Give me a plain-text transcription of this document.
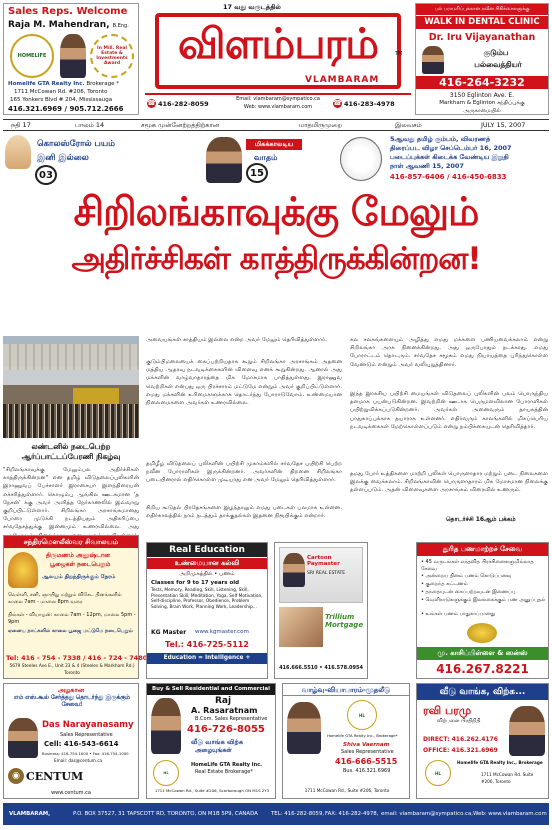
Sales Reps. Welcome
Raja M. Mahendran, B.Eng.
HOMELIFE
In Mill. Real Estate & Investments Award
Homelife GTA Realty Inc. Brokerage *
1711 McCowan Rd. #206, Toronto
165 Yonkers Blvd # 204, Mississauga
416.321.6969 / 905.712.2666
17 வது வருடத்தில்
விளம்பரம்	TM
VLAMBARAM
☎ 416-282-8059
Email: vlambaram@sympatico.ca
Web: www.vlambaram.com	☎ 416-283-4978
பல் பராமரிப்புக்கான நவீன சிகிச்சைகளுக்கு
WALK IN DENTAL CLINIC
Dr. Iru Vijayanathan
குடும்ப
பல்வைத்தியர்
416-264-3232
3150 Eglinton Ave. E.
Markham & Eglinton சந்திப்புக்கு
அருகாமையில்
நதி 17	பாலம் 14	சமூக முன்னேற்றத்திற்கான	மாதமிருமுறை	இலவசம்	JULY 15, 2007
கொலஸ்ரோல் பயம்
இனி இல்லை
03
மிகக்காலடிய
வாதம்
15
5ஆவது தமிழ் கும்பம், விவரணத்
திரைப்பட விழா செப்டெம்பர் 16, 2007
படைப்புக்கள் கிடைக்க வேண்டிய இறுதி
நாள் ஆவணி 15, 2007
416-857-6406 / 416-450-6833
சிறிலங்காவுக்கு மேலும்
அதிர்ச்சிகள் காத்திருக்கின்றன!
லண்டனில் நடைபெற்ற
ஆர்ப்பாட்டப்பேரணி நிகழ்வு
"சிறிலங்காவுக்கு மேலும்பல அதிர்ச்சிகள் காத்திருக்கின்றன" என தமிழ் விடுதலைப்புலிகளின் இராணுவப் பேச்சாளர் இராசையா இளந்திரையன் எச்சரித்துள்ளார். கொழும்பு ஆங்கில ஊடகமான 'த நேசன்' க்கு அவர் அளித்த நேர்காணலில் இவ்வாறு குறிப்பிட்டுள்ளார். சிறிலங்கா அரசாங்கமானது போரை முடுக்கி நடத்தியதும் அதிகரிப்பை சர்வதேசத்துக்கு இன்னமும் உணரவில்லை. அது
அவையங்கள் சாத்தியம் இல்லை என்ற அவர் மேலும் தெரிவித்துள்ளார்.
குடும்பிமலையைக் கைப்பற்றியதாக கூறும் சிறிலங்கா அரசாங்கம் அதனை மத்திய ஆதரவு நடவடிக்கைகளின் விளைவு எனக் கூறுகின்றது. ஆனால் அது மக்களின் வாழ்வாதாரத்தை மிக மோசமாக பாதித்துள்ளது. இராணுவ வெற்றிகள் என்பது ஒரு பிரச்சாரம் மட்டுமே என்றும் அவர் குறிப்பிட்டுள்ளார். எமது மக்களின் உரிமைகளுக்காக தொடர்ந்து போராடுவோம். உண்மையான நிலைமைகளை அவர்கள் உணரவில்லை.
தமிழீழ விடுதலைப் புலிகளின் பயிற்சி முகாம்களில் சர்வதேச பயிற்சி பெற்ற நவீன போராளிகள் இருக்கின்றனர். அவர்களின் திறனை சிறிலங்கா படையினரால் எதிர்கொள்ள முடியாது என அவர் மேலும் தெரிவித்துள்ளார்.
சிறிய கூடுதல் பிரதேசங்களை இழந்தாலும் எமது படைகள் பலமாக உள்ளன. எதிர்காலத்தில் நாம் நடத்தும் தாக்குதல்கள் இதனை நிரூபிக்கும் என்றார்.
கல சலகங்களையும் அழித்து எமது மக்களை பணியவைக்கலாம் என்று சிறிலங்கா அரசு நினைக்கின்றது. அது ஒருபோதும் நடக்காது. எமது போராட்டம் தொடரும். சர்வதேச சமூகம் எமது நியாயத்தை புரிந்துகொள்ள வேண்டும் என்றும் அவர் வலியுறுத்தினார்.
இந்த இரகசிய பயிற்சி மையங்கள் விடுதலைப் புலிகளின் பலம் பொருந்திய தளமாக பயன்படுகின்றன. இவற்றின் ஊடாக பெருமளவிலான போராளிகள் பயிற்றுவிக்கப்படுகின்றனர். அவர்கள் அனைவரும் தாயகத்தின் பாதுகாப்புக்காக தயாராக உள்ளனர். எதிர்வரும் காலங்களில் மிகப்பெரிய நடவடிக்கைகள் மேற்கொள்ளப்படும் என்று நம்பிக்கையுடன் தெரிவித்தார்.
தமது போர் உத்திகளை மாற்றி புலிகள் பொருளாதார மற்றும் படை நிலைகளை இலக்கு வைக்கலாம். சிறிலங்காவின் பொருளாதாரம் மிக மோசமான நிலைக்கு தள்ளப்படும். அதன் விளைவுகளை அரசாங்கம் விரைவில் உணரும்.
தொடர்ச்சி 16ஆம் பக்கம்
சந்திரமௌலீஸ்வர சிவாலயம்
திருமணம் அனுஷ்டான
பூஜைகள் நடைபெறும்
ஆலயம் திறந்திருக்கும் நேரம்
வெள்ளி, சனி, ஞாயிறு மற்றும் விசேட தினங்களில் காலை 7am - மாலை 8pm வரை
திங்கள் - வியாழன்: காலை 7am - 12pm, மாலை 5pm - 9pm
ஏனைய நாட்களில் காலை பூஜை மட்டுமே நடைபெறும்
Tel: 416 - 754 - 7338 / 416 - 724 - 7480
5679 Steeles Ave E., Unit 23 & 4 (Steeles & Markham Rd.) Toronto
Real Education
உண்மையான கல்வி
அறிமுகத்தில் • பணம்
Classes for 9 to 17 years old
Tests, Memory, Reading, Skill, Listening, Skill, Presentation Skill, Meditation, Yoga, Self Motivation, Self-discipline, Professor, Obedience, Problem Solving, Brain Work, Planning Work, Leadership...
KG Master www.kgmaster.com
Tel.: 416-725-5112
Education = Intelligence + Character
Cartoon Paymaster
SRI REAL ESTATE
Trillium Mortgage
416.666.5510 • 416.578.0954
துரித பணமாற்றச் சேவை
• 45 வருடங்கள் எந்தவித பிரச்சினைகளுமில்லாத சேவை
• அன்றைய தினம் பணம் கொடுப்பனவு
• குறைந்த கட்டணம்
• தந்தையுடன் கைப்பற்றவுடன் இணைப்பு
• வெளிநாடுகளுக்கும் இலங்கைக்கும் பண அனுப்புதல்
• உங்கள் பணம் பாதுகாப்பானது
மு. காசிப்பிள்ளை & ஸன்ஸ்
416.267.8221
அழகான
எம் எஸ்.கூல் சேர்த்தது தொடர்ந்து இருக்கும் சேவை!
Das Narayanasamy
Sales Representative
Cell: 416-543-6614
Business: 416-754-1000 • Fax: 416-754-1000
Email: das@centum.ca
◉ CENTUM
www.centum.ca
Buy & Sell Residential and Commercial
Raj
A. Rasaratnam
B.Com. Sales Representative
416-726-8055
வீடு வாங்க விற்க
அழையுங்கள்
HL
HomeLife GTA Realty Inc.
Real Estate Brokerage*
1711 McCowan Rd., Suite #206, Scarborough ON M1S 2Y3
வாழ்வு-வியாபாரம்-முதலீடு
HL
Homelife GTA Realty Inc., Brokerage*
Shiva Vaernam
Sales Representative
416-666-5515
Bus. 416.321.6969
1711 McCowan Rd., Suite #206, Toronto
வீடு வாங்க, விற்க...
ரவி பரமு
விற்பனை பிரதிநிதி
DIRECT: 416.262.4176
OFFICE: 416.321.6969
HL
Homelife GTA Realty Inc., Brokerage
1711 McCowan Rd. Suite #206, Toronto
VLAMBARAM,	P.O. BOX 37527, 31 TAPSCOTT RD, TORONTO, ON M1B 5P9, CANADA TEL: 416-282-8059, FAX: 416-282-4978, email: vlambaram@sympatico.ca, Web: www.vlambaram.com
